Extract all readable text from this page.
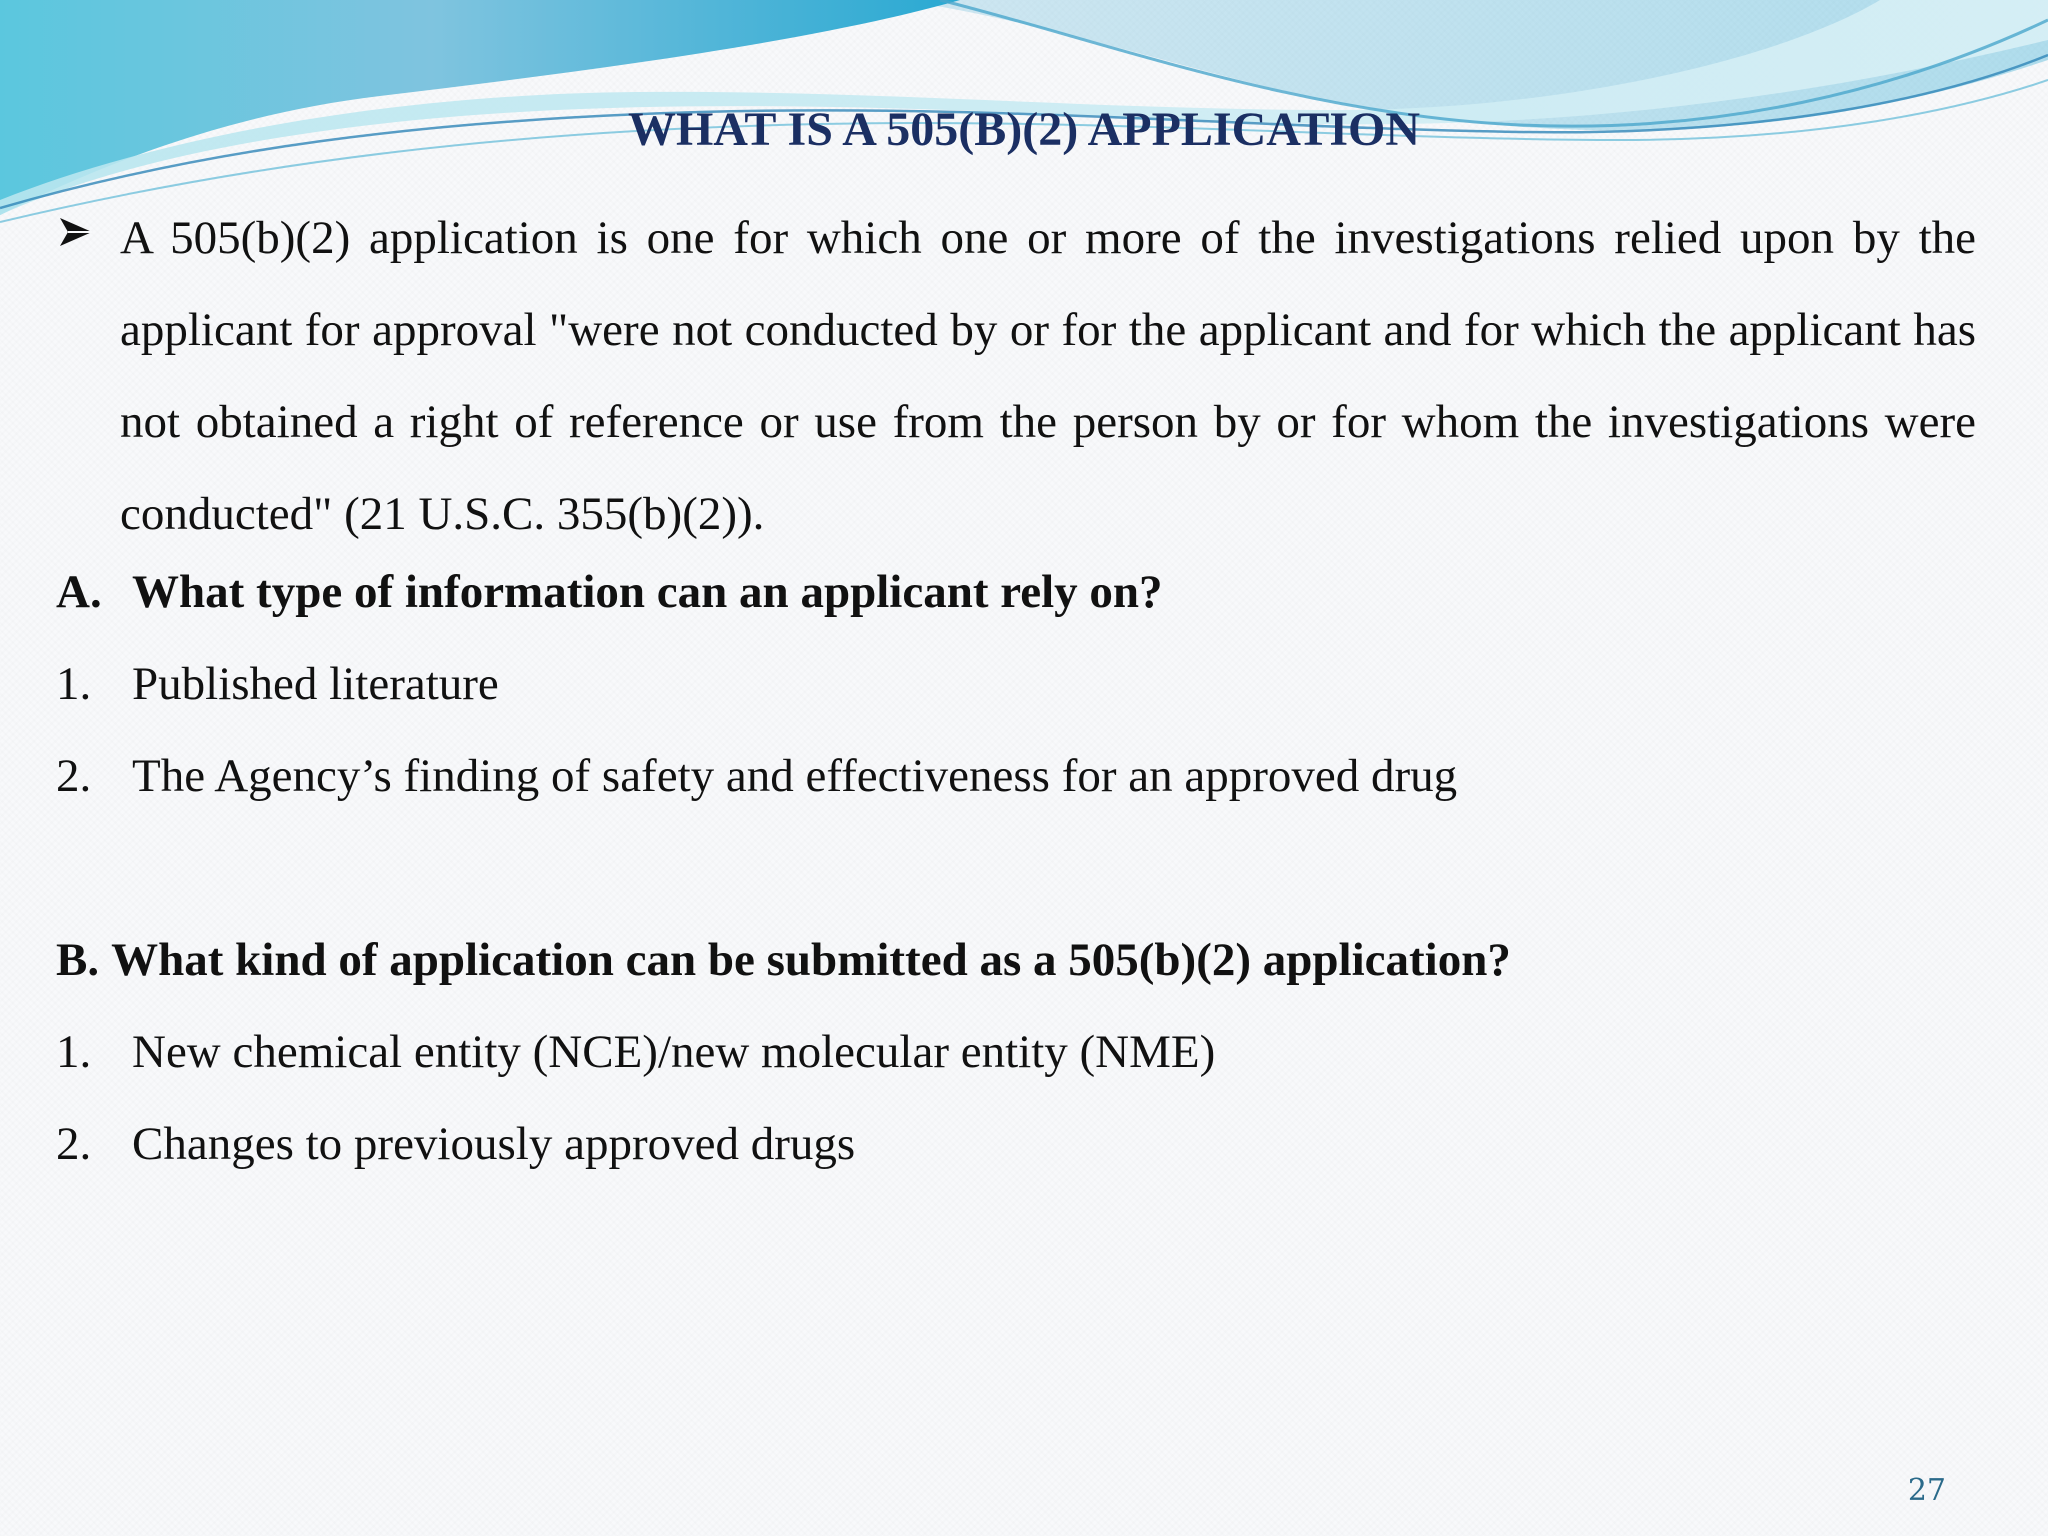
WHAT IS A 505(B)(2) APPLICATION

A 505(b)(2) application is one for which one or more of the investigations relied upon by the applicant for approval "were not conducted by or for the applicant and for which the applicant has not obtained a right of reference or use from the person by or for whom the investigations were conducted" (21 U.S.C. 355(b)(2)).

A. What type of information can an applicant rely on?

1. Published literature

2. The Agency’s finding of safety and effectiveness for an approved drug

B. What kind of application can be submitted as a 505(b)(2) application?

1. New chemical entity (NCE)/new molecular entity (NME)

2. Changes to previously approved drugs

27
